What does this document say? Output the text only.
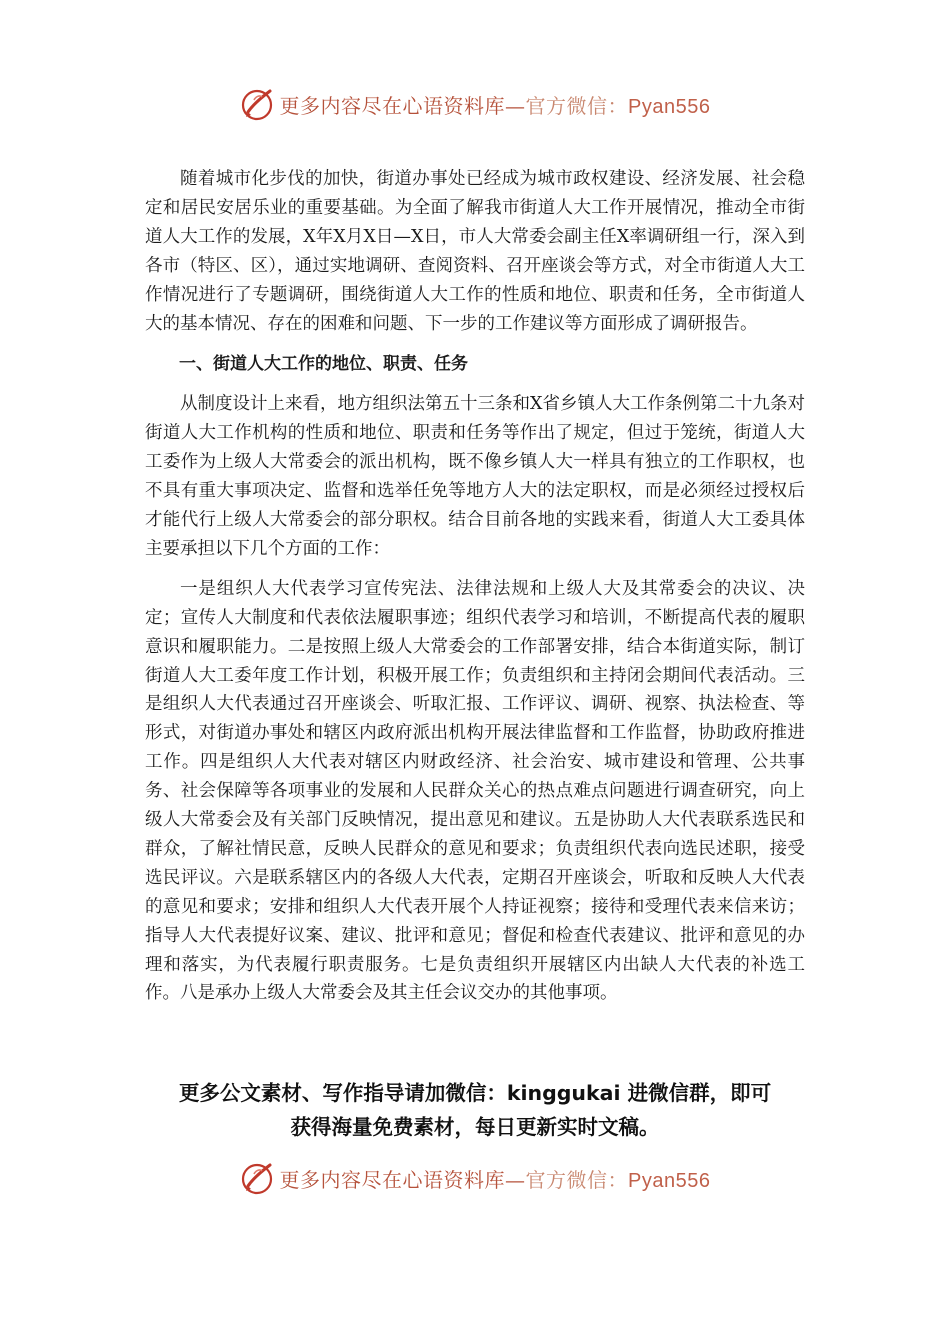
更多内容尽在心语资料库—官方微信：Pyan556

随着城市化步伐的加快，街道办事处已经成为城市政权建设、经济发展、社会稳定和居民安居乐业的重要基础。为全面了解我市街道人大工作开展情况，推动全市街道人大工作的发展，X年X月X日—X日，市人大常委会副主任X率调研组一行，深入到各市（特区、区），通过实地调研、查阅资料、召开座谈会等方式，对全市街道人大工作情况进行了专题调研，围绕街道人大工作的性质和地位、职责和任务，全市街道人大的基本情况、存在的困难和问题、下一步的工作建议等方面形成了调研报告。

一、街道人大工作的地位、职责、任务

从制度设计上来看，地方组织法第五十三条和X省乡镇人大工作条例第二十九条对街道人大工作机构的性质和地位、职责和任务等作出了规定，但过于笼统，街道人大工委作为上级人大常委会的派出机构，既不像乡镇人大一样具有独立的工作职权，也不具有重大事项决定、监督和选举任免等地方人大的法定职权，而是必须经过授权后才能代行上级人大常委会的部分职权。结合目前各地的实践来看，街道人大工委具体主要承担以下几个方面的工作：

一是组织人大代表学习宣传宪法、法律法规和上级人大及其常委会的决议、决定；宣传人大制度和代表依法履职事迹；组织代表学习和培训，不断提高代表的履职意识和履职能力。二是按照上级人大常委会的工作部署安排，结合本街道实际，制订街道人大工委年度工作计划，积极开展工作；负责组织和主持闭会期间代表活动。三是组织人大代表通过召开座谈会、听取汇报、工作评议、调研、视察、执法检查、等形式，对街道办事处和辖区内政府派出机构开展法律监督和工作监督，协助政府推进工作。四是组织人大代表对辖区内财政经济、社会治安、城市建设和管理、公共事务、社会保障等各项事业的发展和人民群众关心的热点难点问题进行调查研究，向上级人大常委会及有关部门反映情况，提出意见和建议。五是协助人大代表联系选民和群众，了解社情民意，反映人民群众的意见和要求；负责组织代表向选民述职，接受选民评议。六是联系辖区内的各级人大代表，定期召开座谈会，听取和反映人大代表的意见和要求；安排和组织人大代表开展个人持证视察；接待和受理代表来信来访；指导人大代表提好议案、建议、批评和意见；督促和检查代表建议、批评和意见的办理和落实，为代表履行职责服务。七是负责组织开展辖区内出缺人大代表的补选工作。八是承办上级人大常委会及其主任会议交办的其他事项。

更多公文素材、写作指导请加微信：kinggukai 进微信群，即可
获得海量免费素材，每日更新实时文稿。
更多内容尽在心语资料库—官方微信：Pyan556
